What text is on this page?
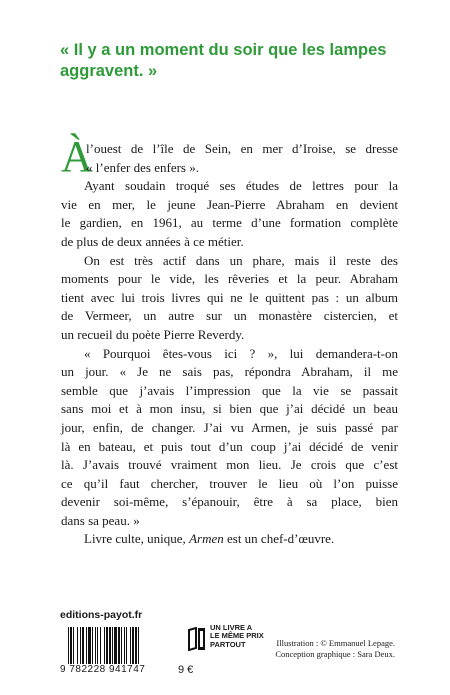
« Il y a un moment du soir que les lampes
aggravent. »
À
l’ouest de l’île de Sein, en mer d’Iroise, se dresse
« l’enfer des enfers ».
Ayant soudain troqué ses études de lettres pour la
vie en mer, le jeune Jean-Pierre Abraham en devient
le gardien, en 1961, au terme d’une formation complète
de plus de deux années à ce métier.
On est très actif dans un phare, mais il reste des
moments pour le vide, les rêveries et la peur. Abraham
tient avec lui trois livres qui ne le quittent pas : un album
de Vermeer, un autre sur un monastère cistercien, et
un recueil du poète Pierre Reverdy.
« Pourquoi êtes-vous ici ? », lui demandera-t-on
un jour. « Je ne sais pas, répondra Abraham, il me
semble que j’avais l’impression que la vie se passait
sans moi et à mon insu, si bien que j’ai décidé un beau
jour, enfin, de changer. J’ai vu Armen, je suis passé par
là en bateau, et puis tout d’un coup j’ai décidé de venir
là. J’avais trouvé vraiment mon lieu. Je crois que c’est
ce qu’il faut chercher, trouver le lieu où l’on puisse
devenir soi-même, s’épanouir, être à sa place, bien
dans sa peau. »
Livre culte, unique, Armen est un chef-d’œuvre.
editions-payot.fr
9 782228 941747	9 €
UN LIVRE A
LE MÊME PRIX
PARTOUT	Illustration : © Emmanuel Lepage.
Conception graphique : Sara Deux.
